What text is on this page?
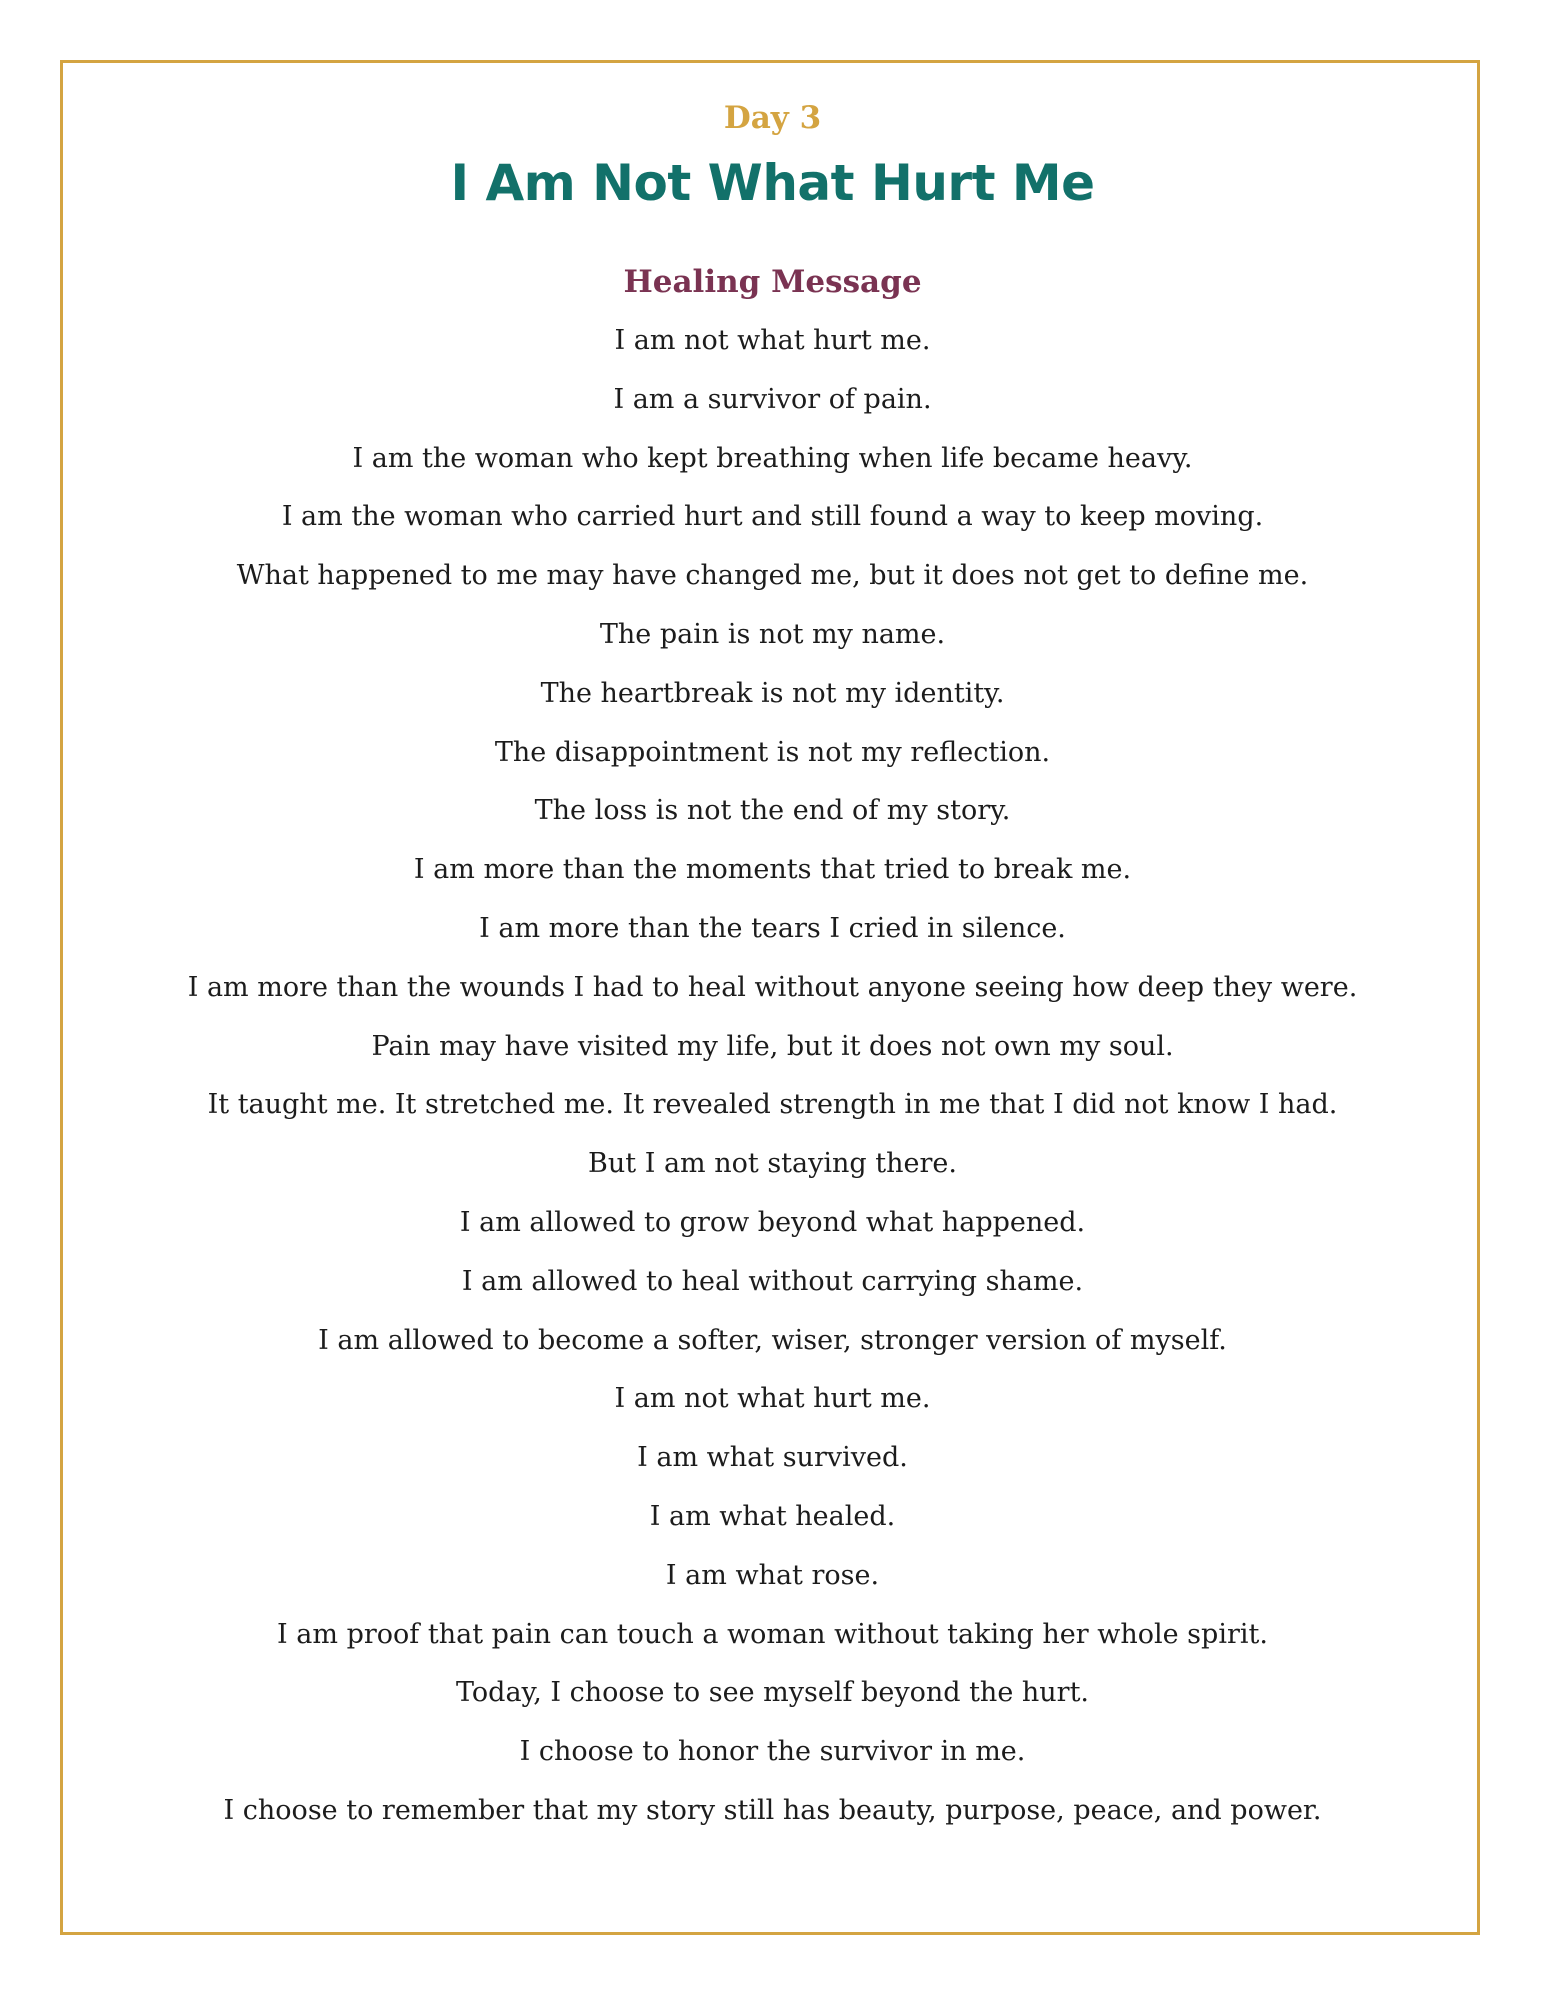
Day 3
I Am Not What Hurt Me
Healing Message
I am not what hurt me.
I am a survivor of pain.
I am the woman who kept breathing when life became heavy.
I am the woman who carried hurt and still found a way to keep moving.
What happened to me may have changed me, but it does not get to define me.
The pain is not my name.
The heartbreak is not my identity.
The disappointment is not my reflection.
The loss is not the end of my story.
I am more than the moments that tried to break me.
I am more than the tears I cried in silence.
I am more than the wounds I had to heal without anyone seeing how deep they were.
Pain may have visited my life, but it does not own my soul.
It taught me. It stretched me. It revealed strength in me that I did not know I had.
But I am not staying there.
I am allowed to grow beyond what happened.
I am allowed to heal without carrying shame.
I am allowed to become a softer, wiser, stronger version of myself.
I am not what hurt me.
I am what survived.
I am what healed.
I am what rose.
I am proof that pain can touch a woman without taking her whole spirit.
Today, I choose to see myself beyond the hurt.
I choose to honor the survivor in me.
I choose to remember that my story still has beauty, purpose, peace, and power.
